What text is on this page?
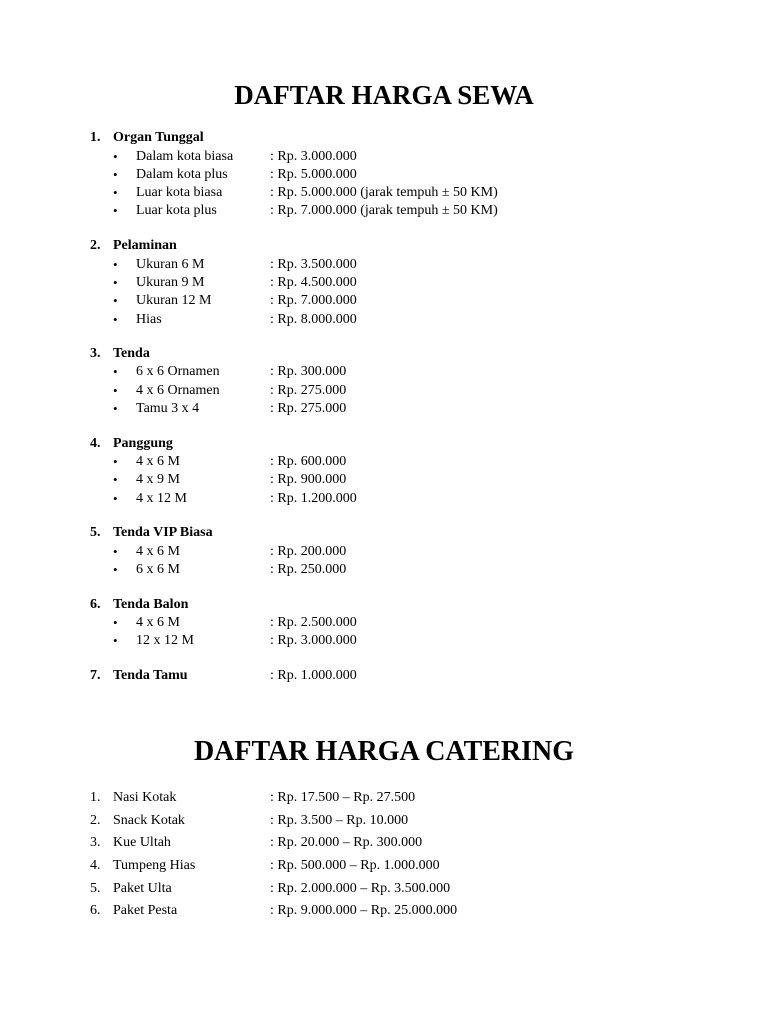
DAFTAR HARGA SEWA
1. Organ Tunggal
• Dalam kota biasa	: Rp. 3.000.000
• Dalam kota plus	: Rp. 5.000.000
• Luar kota biasa	: Rp. 5.000.000 (jarak tempuh ± 50 KM)
• Luar kota plus	: Rp. 7.000.000 (jarak tempuh ± 50 KM)
2. Pelaminan
• Ukuran 6 M	: Rp. 3.500.000
• Ukuran 9 M	: Rp. 4.500.000
• Ukuran 12 M	: Rp. 7.000.000
• Hias	: Rp. 8.000.000
3. Tenda
• 6 x 6 Ornamen	: Rp. 300.000
• 4 x 6 Ornamen	: Rp. 275.000
• Tamu 3 x 4	: Rp. 275.000
4. Panggung
• 4 x 6 M	: Rp. 600.000
• 4 x 9 M	: Rp. 900.000
• 4 x 12 M	: Rp. 1.200.000
5. Tenda VIP Biasa
• 4 x 6 M	: Rp. 200.000
• 6 x 6 M	: Rp. 250.000
6. Tenda Balon
• 4 x 6 M	: Rp. 2.500.000
• 12 x 12 M	: Rp. 3.000.000
7. Tenda Tamu	: Rp. 1.000.000
DAFTAR HARGA CATERING
1. Nasi Kotak	: Rp. 17.500 – Rp. 27.500
2. Snack Kotak	: Rp. 3.500 – Rp. 10.000
3. Kue Ultah	: Rp. 20.000 – Rp. 300.000
4. Tumpeng Hias	: Rp. 500.000 – Rp. 1.000.000
5. Paket Ulta	: Rp. 2.000.000 – Rp. 3.500.000
6. Paket Pesta	: Rp. 9.000.000 – Rp. 25.000.000
